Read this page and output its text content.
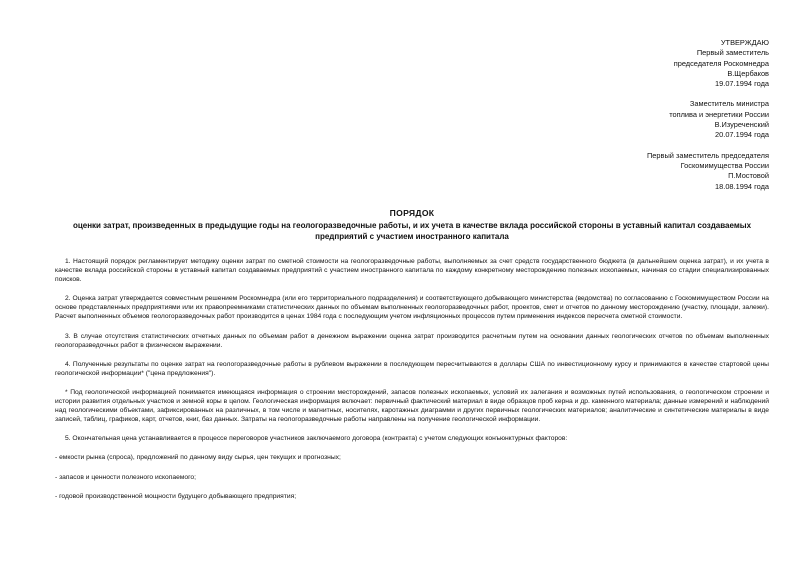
УТВЕРЖДАЮ
Первый заместитель
председателя Роскомнедра
В.Щербаков
19.07.1994 года
Заместитель министра
топлива и энергетики России
В.Изуреченский
20.07.1994 года
Первый заместитель председателя
Госкомимущества России
П.Мостовой
18.08.1994 года
ПОРЯДОК
оценки затрат, произведенных в предыдущие годы на геологоразведочные работы, и их учета в качестве вклада российской стороны в уставный капитал создаваемых предприятий с участием иностранного капитала
1. Настоящий порядок регламентирует методику оценки затрат по сметной стоимости на геологоразведочные работы, выполняемых за счет средств государственного бюджета (в дальнейшем оценка затрат), и их учета в качестве вклада российской стороны в уставный капитал создаваемых предприятий с участием иностранного капитала по каждому конкретному месторождению полезных ископаемых, начиная со стадии специализированных поисков.
2. Оценка затрат утверждается совместным решением Роскомнедра (или его территориального подразделения) и соответствующего добывающего министерства (ведомства) по согласованию с Госкомимуществом России на основе представленных предприятиями или их правопреемниками статистических данных по объемам выполненных геологоразведочных работ, проектов, смет и отчетов по данному месторождению (участку, площади, залежи). Расчет выполненных объемов геологоразведочных работ производится в ценах 1984 года с последующим учетом инфляционных процессов путем применения индексов пересчета сметной стоимости.
3. В случае отсутствия статистических отчетных данных по объемам работ в денежном выражении оценка затрат производится расчетным путем на основании данных геологических отчетов по объемам выполненных геологоразведочных работ в физическом выражении.
4. Полученные результаты по оценке затрат на геологоразведочные работы в рублевом выражении в последующем пересчитываются в доллары США по инвестиционному курсу и принимаются в качестве стартовой цены геологической информации* ("цена предложения").
* Под геологической информацией понимается имеющаяся информация о строении месторождений, запасов полезных ископаемых, условий их залегания и возможных путей использования, о геологическом строении и истории развития отдельных участков и земной коры в целом. Геологическая информация включает: первичный фактический материал в виде образцов проб керна и др. каменного материала; данные измерений и наблюдений над геологическими объектами, зафиксированных на различных, в том числе и магнитных, носителях, каротажных диаграмми и других первичных геологических материалов; аналитические и синтетические материалы в виде записей, таблиц, графиков, карт, отчетов, книг, баз данных. Затраты на геологоразведочные работы направлены на получение геологической информации.
5. Окончательная цена устанавливается в процессе переговоров участников заключаемого договора (контракта) с учетом следующих конъюнктурных факторов:
- емкости рынка (спроса), предложений по данному виду сырья, цен текущих и прогнозных;
- запасов и ценности полезного ископаемого;
- годовой производственной мощности будущего добывающего предприятия;
